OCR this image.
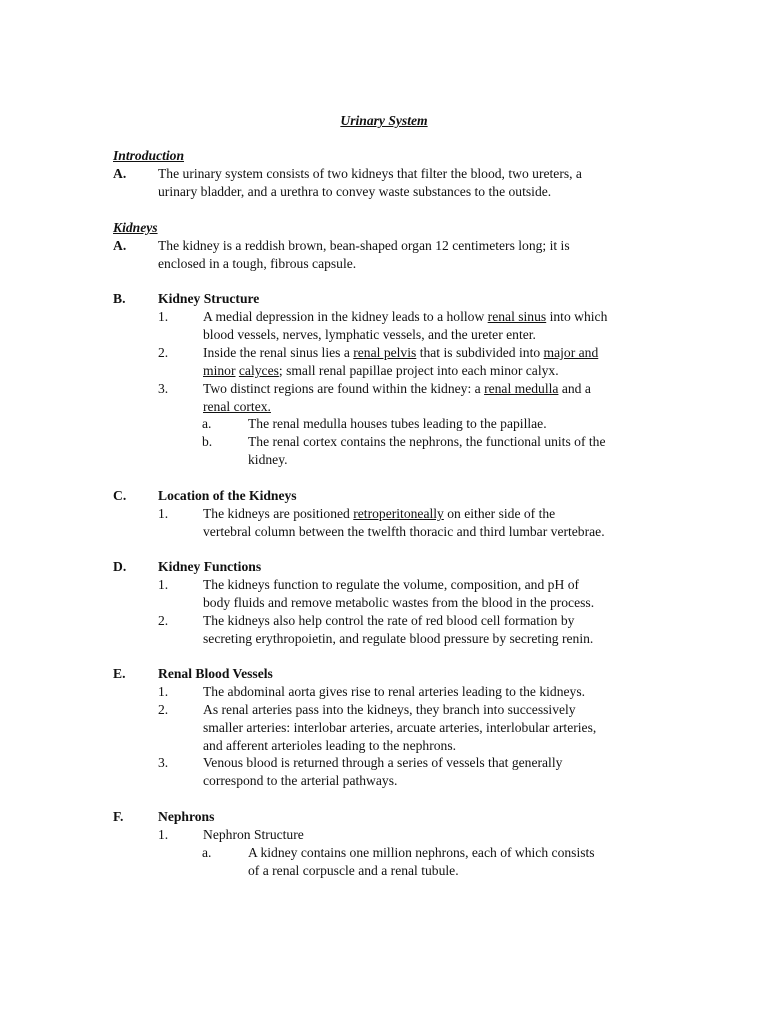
Urinary System
Introduction
A. The urinary system consists of two kidneys that filter the blood, two ureters, a
urinary bladder, and a urethra to convey waste substances to the outside.
Kidneys
A. The kidney is a reddish brown, bean-shaped organ 12 centimeters long; it is
enclosed in a tough, fibrous capsule.
B. Kidney Structure
1.	A medial depression in the kidney leads to a hollow renal sinus into which
blood vessels, nerves, lymphatic vessels, and the ureter enter.
2.	Inside the renal sinus lies a renal pelvis that is subdivided into major and
minor calyces; small renal papillae project into each minor calyx.
3.	Two distinct regions are found within the kidney: a renal medulla and a
renal cortex.
a.	The renal medulla houses tubes leading to the papillae.
b.	The renal cortex contains the nephrons, the functional units of the
kidney.
C. Location of the Kidneys
1.	The kidneys are positioned retroperitoneally on either side of the
vertebral column between the twelfth thoracic and third lumbar vertebrae.
D. Kidney Functions
1.	The kidneys function to regulate the volume, composition, and pH of
body fluids and remove metabolic wastes from the blood in the process.
2.	The kidneys also help control the rate of red blood cell formation by
secreting erythropoietin, and regulate blood pressure by secreting renin.
E. Renal Blood Vessels
1.	The abdominal aorta gives rise to renal arteries leading to the kidneys.
2.	As renal arteries pass into the kidneys, they branch into successively
smaller arteries: interlobar arteries, arcuate arteries, interlobular arteries,
and afferent arterioles leading to the nephrons.
3.	Venous blood is returned through a series of vessels that generally
correspond to the arterial pathways.
F.	Nephrons
1.	Nephron Structure
a.	A kidney contains one million nephrons, each of which consists
of a renal corpuscle and a renal tubule.
